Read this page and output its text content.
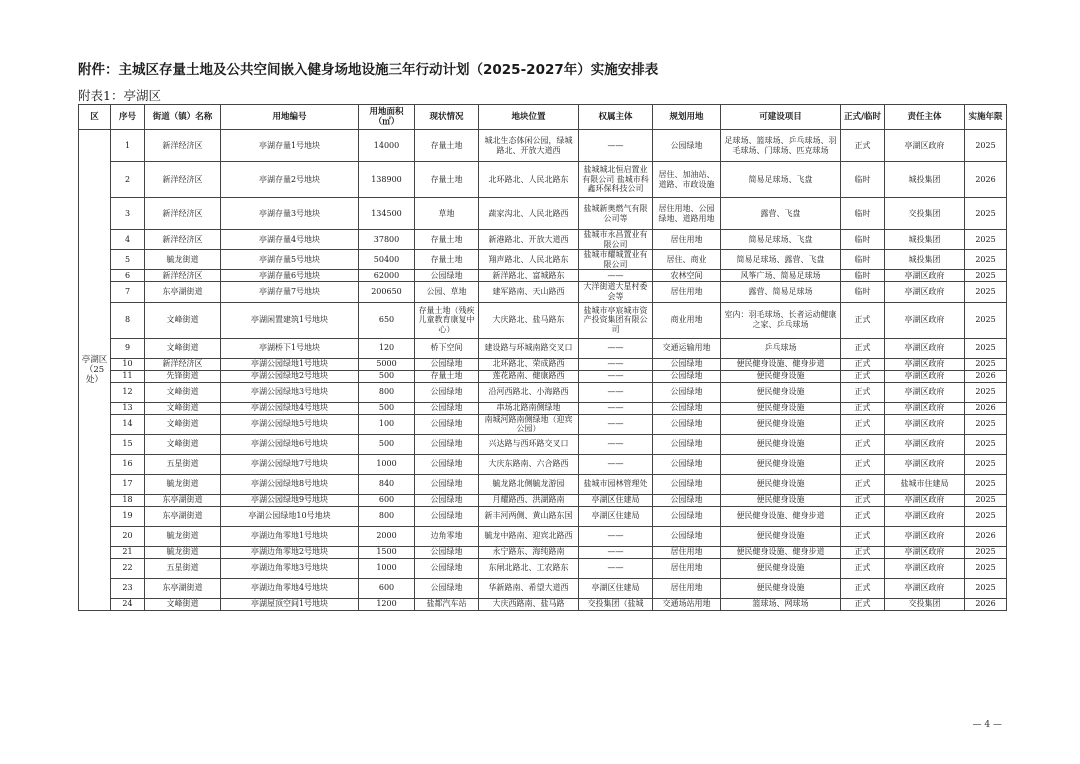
附件：主城区存量土地及公共空间嵌入健身场地设施三年行动计划（2025-2027年）实施安排表
附表1：亭湖区
区	序号	街道（镇）名称	用地编号	用地面积（㎡）	现状情况	地块位置	权属主体	规划用地	可建设项目	正式/临时	责任主体	实施年限
亭湖区（25处）	1	新洋经济区	亭湖存量1号地块	14000	存量土地	城北生态体闲公园，绿城路北、开放大道西	——	公园绿地	足球场、篮球场、乒乓球场、羽毛球场、门球场、匹克球场	正式	亭湖区政府	2025
	2	新洋经济区	亭湖存量2号地块	138900	存量土地	北环路北、人民北路东	盐城城北恒启置业有限公司 盐城市科鑫环保科技公司	居住、加油站、道路、市政设施	简易足球场、飞盘	临时	城投集团	2026
	3	新洋经济区	亭湖存量3号地块	134500	草地	蔬家沟北、人民北路西	盐城新奥燃气有限公司等	居住用地、公园绿地、道路用地	露营、飞盘	临时	交投集团	2025
	4	新洋经济区	亭湖存量4号地块	37800	存量土地	新港路北、开放大道西	盐城市永昌置业有限公司	居住用地	简易足球场、飞盘	临时	城投集团	2025
	5	毓龙街道	亭湖存量5号地块	50400	存量土地	翔声路北、人民北路东	盐城市耀城置业有限公司	居住、商业	简易足球场、露营、飞盘	临时	城投集团	2025
	6	新洋经济区	亭湖存量6号地块	62000	公园绿地	新洋路北、富城路东	——	农林空间	风筝广场、简易足球场	临时	亭湖区政府	2025
	7	东亭湖街道	亭湖存量7号地块	200650	公园、草地	建军路南、天山路西	大洋街道大星村委会等	居住用地	露营、简易足球场	临时	亭湖区政府	2025
	8	文峰街道	亭湖闲置建筑1号地块	650	存量土地（残疾儿童教育康复中心）	大庆路北、盐马路东	盐城市亭宸城市资产投资集团有限公司	商业用地	室内：羽毛球场、长者运动健康之家、乒乓球场	正式	亭湖区政府	2025
	9	文峰街道	亭湖桥下1号地块	120	桥下空间	建设路与环城南路交叉口	——	交通运输用地	乒乓球场	正式	亭湖区政府	2025
	10	新洋经济区	亭湖公园绿地1号地块	5000	公园绿地	北环路北、荣成路西	——	公园绿地	便民健身设施、健身步道	正式	亭湖区政府	2025
	11	先锋街道	亭湖公园绿地2号地块	500	存量土地	莲花路南、健康路西	——	公园绿地	便民健身设施	正式	亭湖区政府	2026
	12	文峰街道	亭湖公园绿地3号地块	800	公园绿地	沿河西路北、小海路西	——	公园绿地	便民健身设施	正式	亭湖区政府	2025
	13	文峰街道	亭湖公园绿地4号地块	500	公园绿地	串场北路南侧绿地	——	公园绿地	便民健身设施	正式	亭湖区政府	2026
	14	文峰街道	亭湖公园绿地5号地块	100	公园绿地	南城河路南侧绿地（迎宾公园）	——	公园绿地	便民健身设施	正式	亭湖区政府	2025
	15	文峰街道	亭湖公园绿地6号地块	500	公园绿地	兴达路与西环路交叉口	——	公园绿地	便民健身设施	正式	亭湖区政府	2025
	16	五星街道	亭湖公园绿地7号地块	1000	公园绿地	大庆东路南、六合路西	——	公园绿地	便民健身设施	正式	亭湖区政府	2025
	17	毓龙街道	亭湖公园绿地8号地块	840	公园绿地	毓龙路北侧毓龙游园	盐城市园林管理处	公园绿地	便民健身设施	正式	盐城市住建局	2025
	18	东亭湖街道	亭湖公园绿地9号地块	600	公园绿地	月耀路西、洪湖路南	亭湖区住建局	公园绿地	便民健身设施	正式	亭湖区政府	2025
	19	东亭湖街道	亭湖公园绿地10号地块	800	公园绿地	新丰河两侧、黄山路东国	亭湖区住建局	公园绿地	便民健身设施、健身步道	正式	亭湖区政府	2025
	20	毓龙街道	亭湖边角零地1号地块	2000	边角零地	毓龙中路南、迎宾北路西	——	公园绿地	便民健身设施	正式	亭湖区政府	2026
	21	毓龙街道	亭湖边角零地2号地块	1500	公园绿地	永宁路东、海纯路南	——	居住用地	便民健身设施、健身步道	正式	亭湖区政府	2025
	22	五星街道	亭湖边角零地3号地块	1000	公园绿地	东闸北路北、工农路东	——	居住用地	便民健身设施	正式	亭湖区政府	2025
	23	东亭湖街道	亭湖边角零地4号地块	600	公园绿地	华新路南、希望大道西	亭湖区住建局	居住用地	便民健身设施	正式	亭湖区政府	2025
	24	文峰街道	亭湖屋顶空间1号地块	1200	盐都汽车站	大庆西路南、盐马路	交投集团（盐城	交通场站用地	篮球场、网球场	正式	交投集团	2026
— 4 —
